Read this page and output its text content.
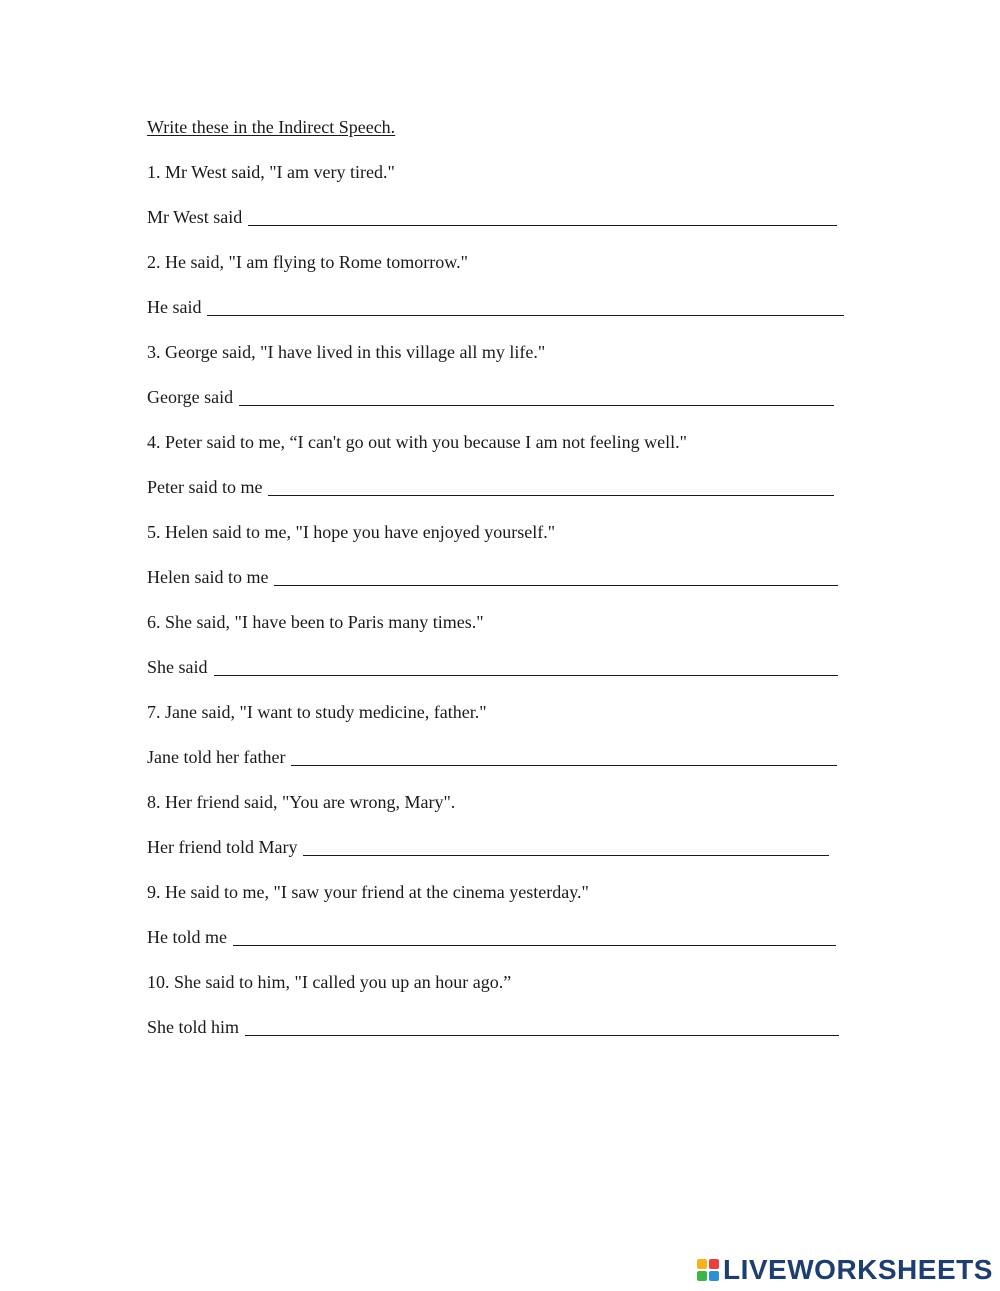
Write these in the Indirect Speech.
1. Mr West said, "I am very tired."
Mr West said
2. He said, "I am flying to Rome tomorrow."
He said
3. George said, "I have lived in this village all my life."
George said
4. Peter said to me, “I can't go out with you because I am not feeling well."
Peter said to me
5. Helen said to me, "I hope you have enjoyed yourself."
Helen said to me
6. She said, "I have been to Paris many times."
She said
7. Jane said, "I want to study medicine, father."
Jane told her father
8. Her friend said, "You are wrong, Mary".
Her friend told Mary
9. He said to me, "I saw your friend at the cinema yesterday."
He told me
10. She said to him, "I called you up an hour ago.”
She told him
LIVEWORKSHEETS
